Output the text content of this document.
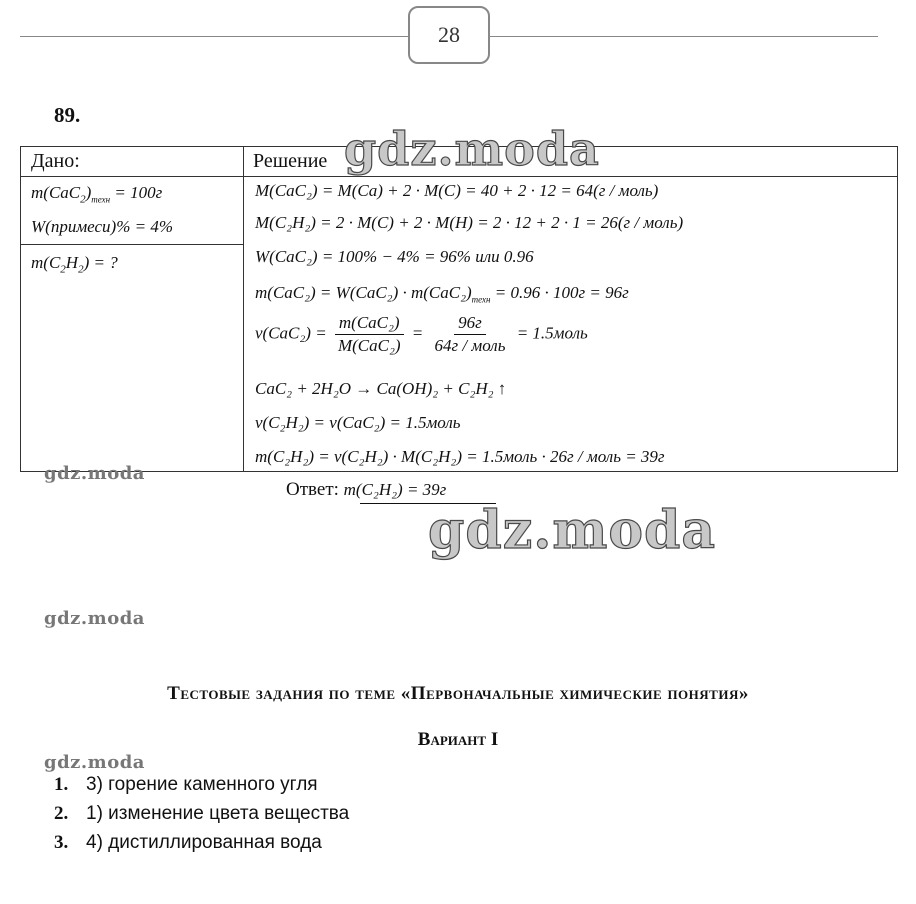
28
89.
Дано:	Решение
$m(CaC_2)_{техн} = 100г$
W(примеси)% = 4%
$m(C_2H_2)$ = ?
M(CaC₂) = M(Ca) + 2 · M(C) = 40 + 2 · 12 = 64(г / моль)
M(C₂H₂) = 2 · M(C) + 2 · M(H) = 2 · 12 + 2 · 1 = 26(г / моль)
W(CaC₂) = 100% − 4% = 96% или 0.96
$m(CaC_2) = W(CaC_2) \cdot m(CaC_2)_{техн} = 0.96 \cdot 100г = 96г$
$\nu(CaC_2) = \frac{\text{m(CaC₂)}}{\text{M(CaC₂)}} = \frac{96г}{\text{64г / моль}}$ = 1.5моль
CaC₂ + 2H₂O → Ca(OH)₂ + C₂H₂ ↑
ν(C₂H₂) = ν(CaC₂) = 1.5моль
m(C₂H₂) = ν(C₂H₂) · M(C₂H₂) = 1.5моль · 26г / моль = 39г
Ответ: m(C₂H₂) = 39г
gdz.moda
gdz.moda
gdz.moda
gdz.moda
gdz.moda
Тестовые задания по теме «Первоначальные химические понятия»
Вариант I
1. 3) горение каменного угля
2. 1) изменение цвета вещества
3. 4) дистиллированная вода
